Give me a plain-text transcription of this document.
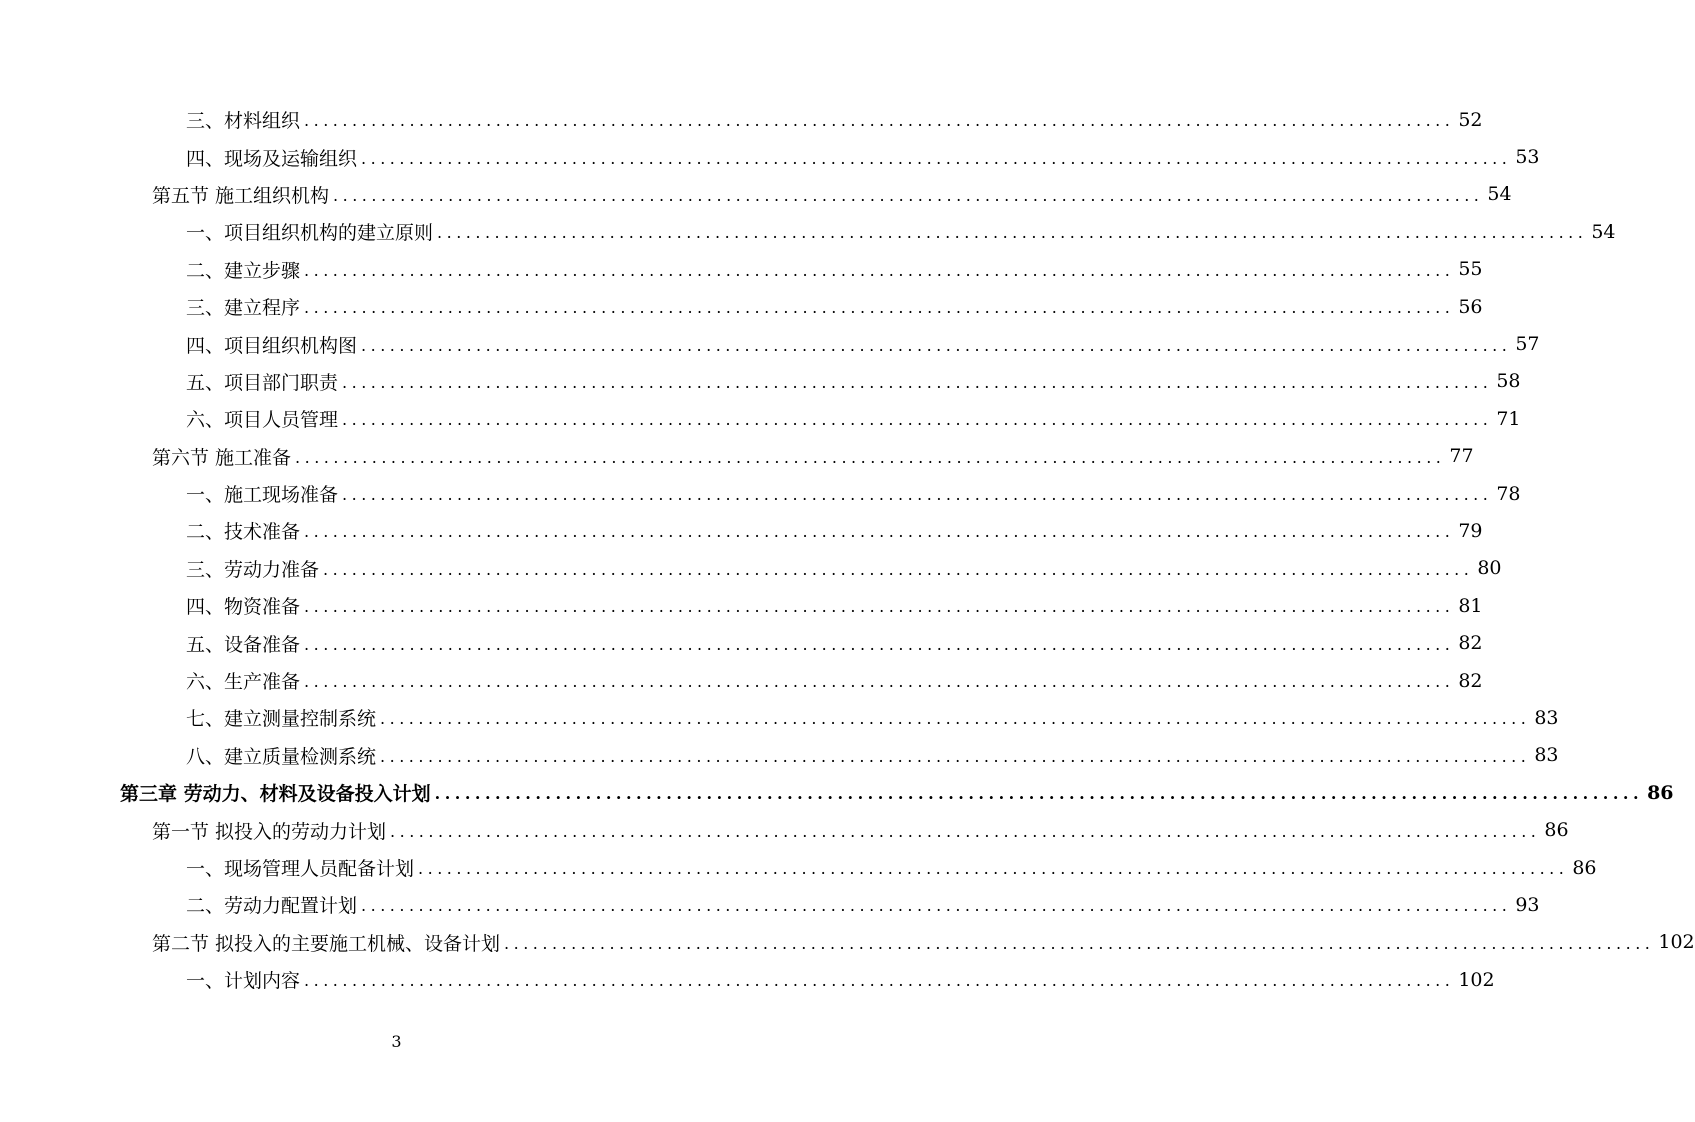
三、材料组织 ........................................................................................................................ 52
四、现场及运输组织 ........................................................................................................................ 53
第五节 施工组织机构 ........................................................................................................................ 54
一、项目组织机构的建立原则 ........................................................................................................................ 54
二、建立步骤 ........................................................................................................................ 55
三、建立程序 ........................................................................................................................ 56
四、项目组织机构图 ........................................................................................................................ 57
五、项目部门职责 ........................................................................................................................ 58
六、项目人员管理 ........................................................................................................................ 71
第六节 施工准备 ........................................................................................................................ 77
一、施工现场准备 ........................................................................................................................ 78
二、技术准备 ........................................................................................................................ 79
三、劳动力准备 ........................................................................................................................ 80
四、物资准备 ........................................................................................................................ 81
五、设备准备 ........................................................................................................................ 82
六、生产准备 ........................................................................................................................ 82
七、建立测量控制系统 ........................................................................................................................ 83
八、建立质量检测系统 ........................................................................................................................ 83
第三章 劳动力、材料及设备投入计划 ........................................................................................................................ 86
第一节 拟投入的劳动力计划 ........................................................................................................................ 86
一、现场管理人员配备计划 ........................................................................................................................ 86
二、劳动力配置计划 ........................................................................................................................ 93
第二节 拟投入的主要施工机械、设备计划 ........................................................................................................................ 102
一、计划内容 ........................................................................................................................ 102
3
